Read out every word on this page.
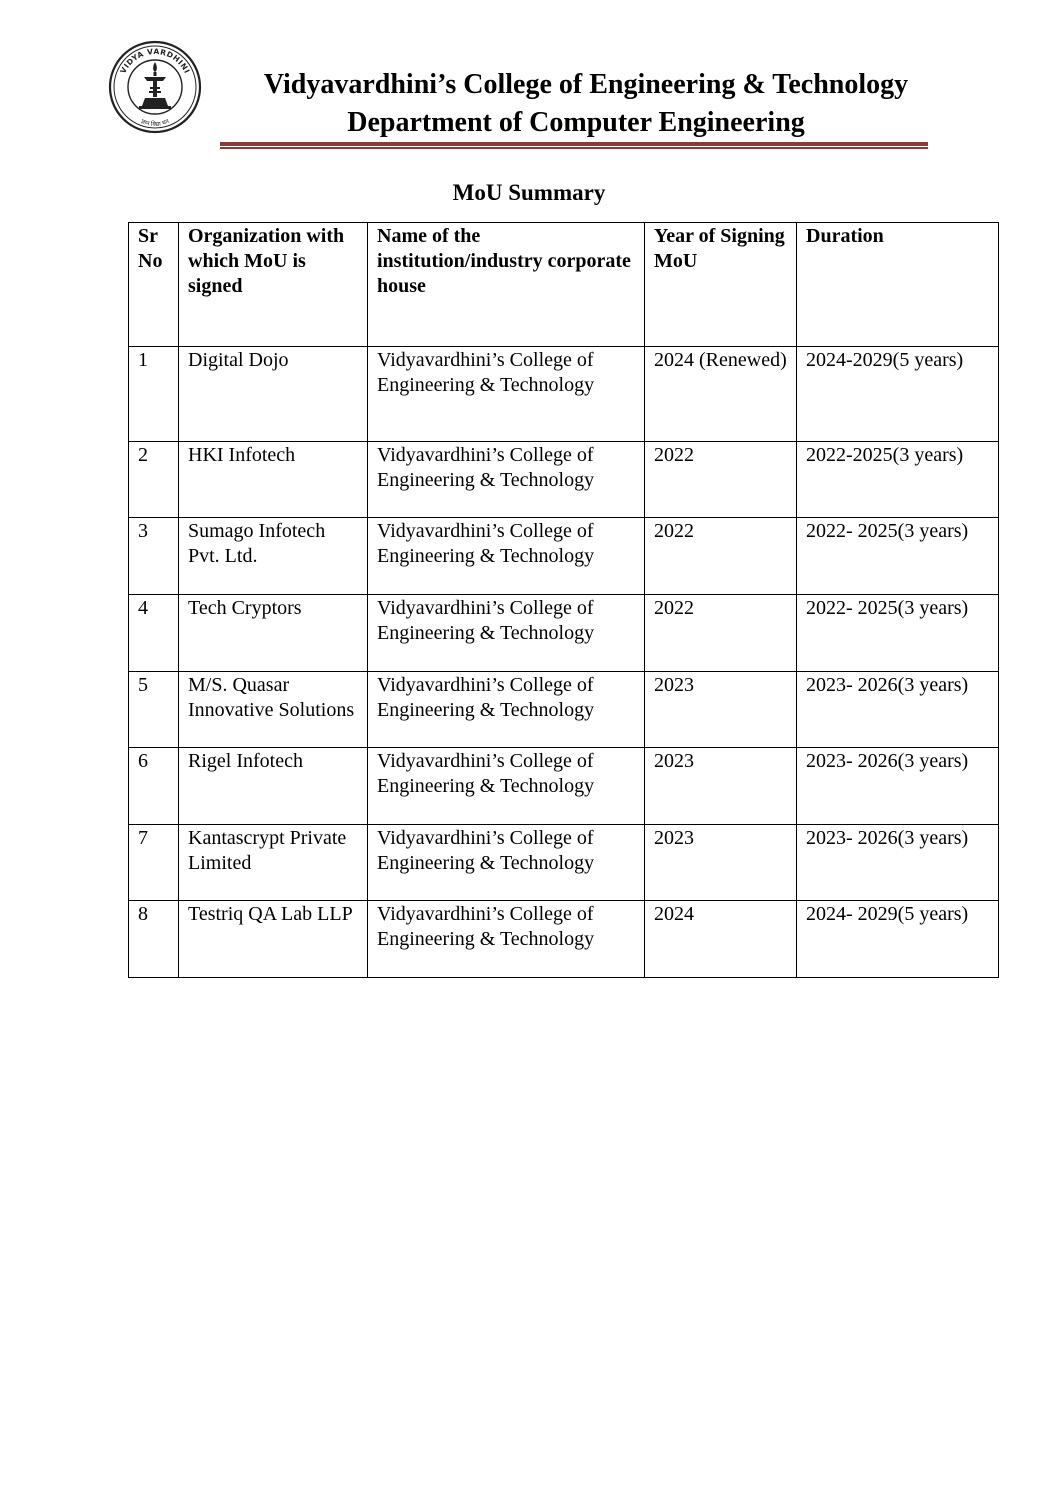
VIDYA VARDHINI
ज्ञान विद्या धन
Vidyavardhini’s College of Engineering & Technology
Department of Computer Engineering
MoU Summary
Sr No	Organization with which MoU is signed	Name of the institution/industry corporate house	Year of Signing MoU	Duration
1	Digital Dojo	Vidyavardhini’s College of Engineering & Technology	2024 (Renewed)	2024-2029(5 years)
2	HKI Infotech	Vidyavardhini’s College of Engineering & Technology	2022	2022-2025(3 years)
3	Sumago Infotech Pvt. Ltd.	Vidyavardhini’s College of Engineering & Technology	2022	2022- 2025(3 years)
4	Tech Cryptors	Vidyavardhini’s College of Engineering & Technology	2022	2022- 2025(3 years)
5	M/S. Quasar Innovative Solutions	Vidyavardhini’s College of Engineering & Technology	2023	2023- 2026(3 years)
6	Rigel Infotech	Vidyavardhini’s College of Engineering & Technology	2023	2023- 2026(3 years)
7	Kantascrypt Private Limited	Vidyavardhini’s College of Engineering & Technology	2023	2023- 2026(3 years)
8	Testriq QA Lab LLP	Vidyavardhini’s College of Engineering & Technology	2024	2024- 2029(5 years)
